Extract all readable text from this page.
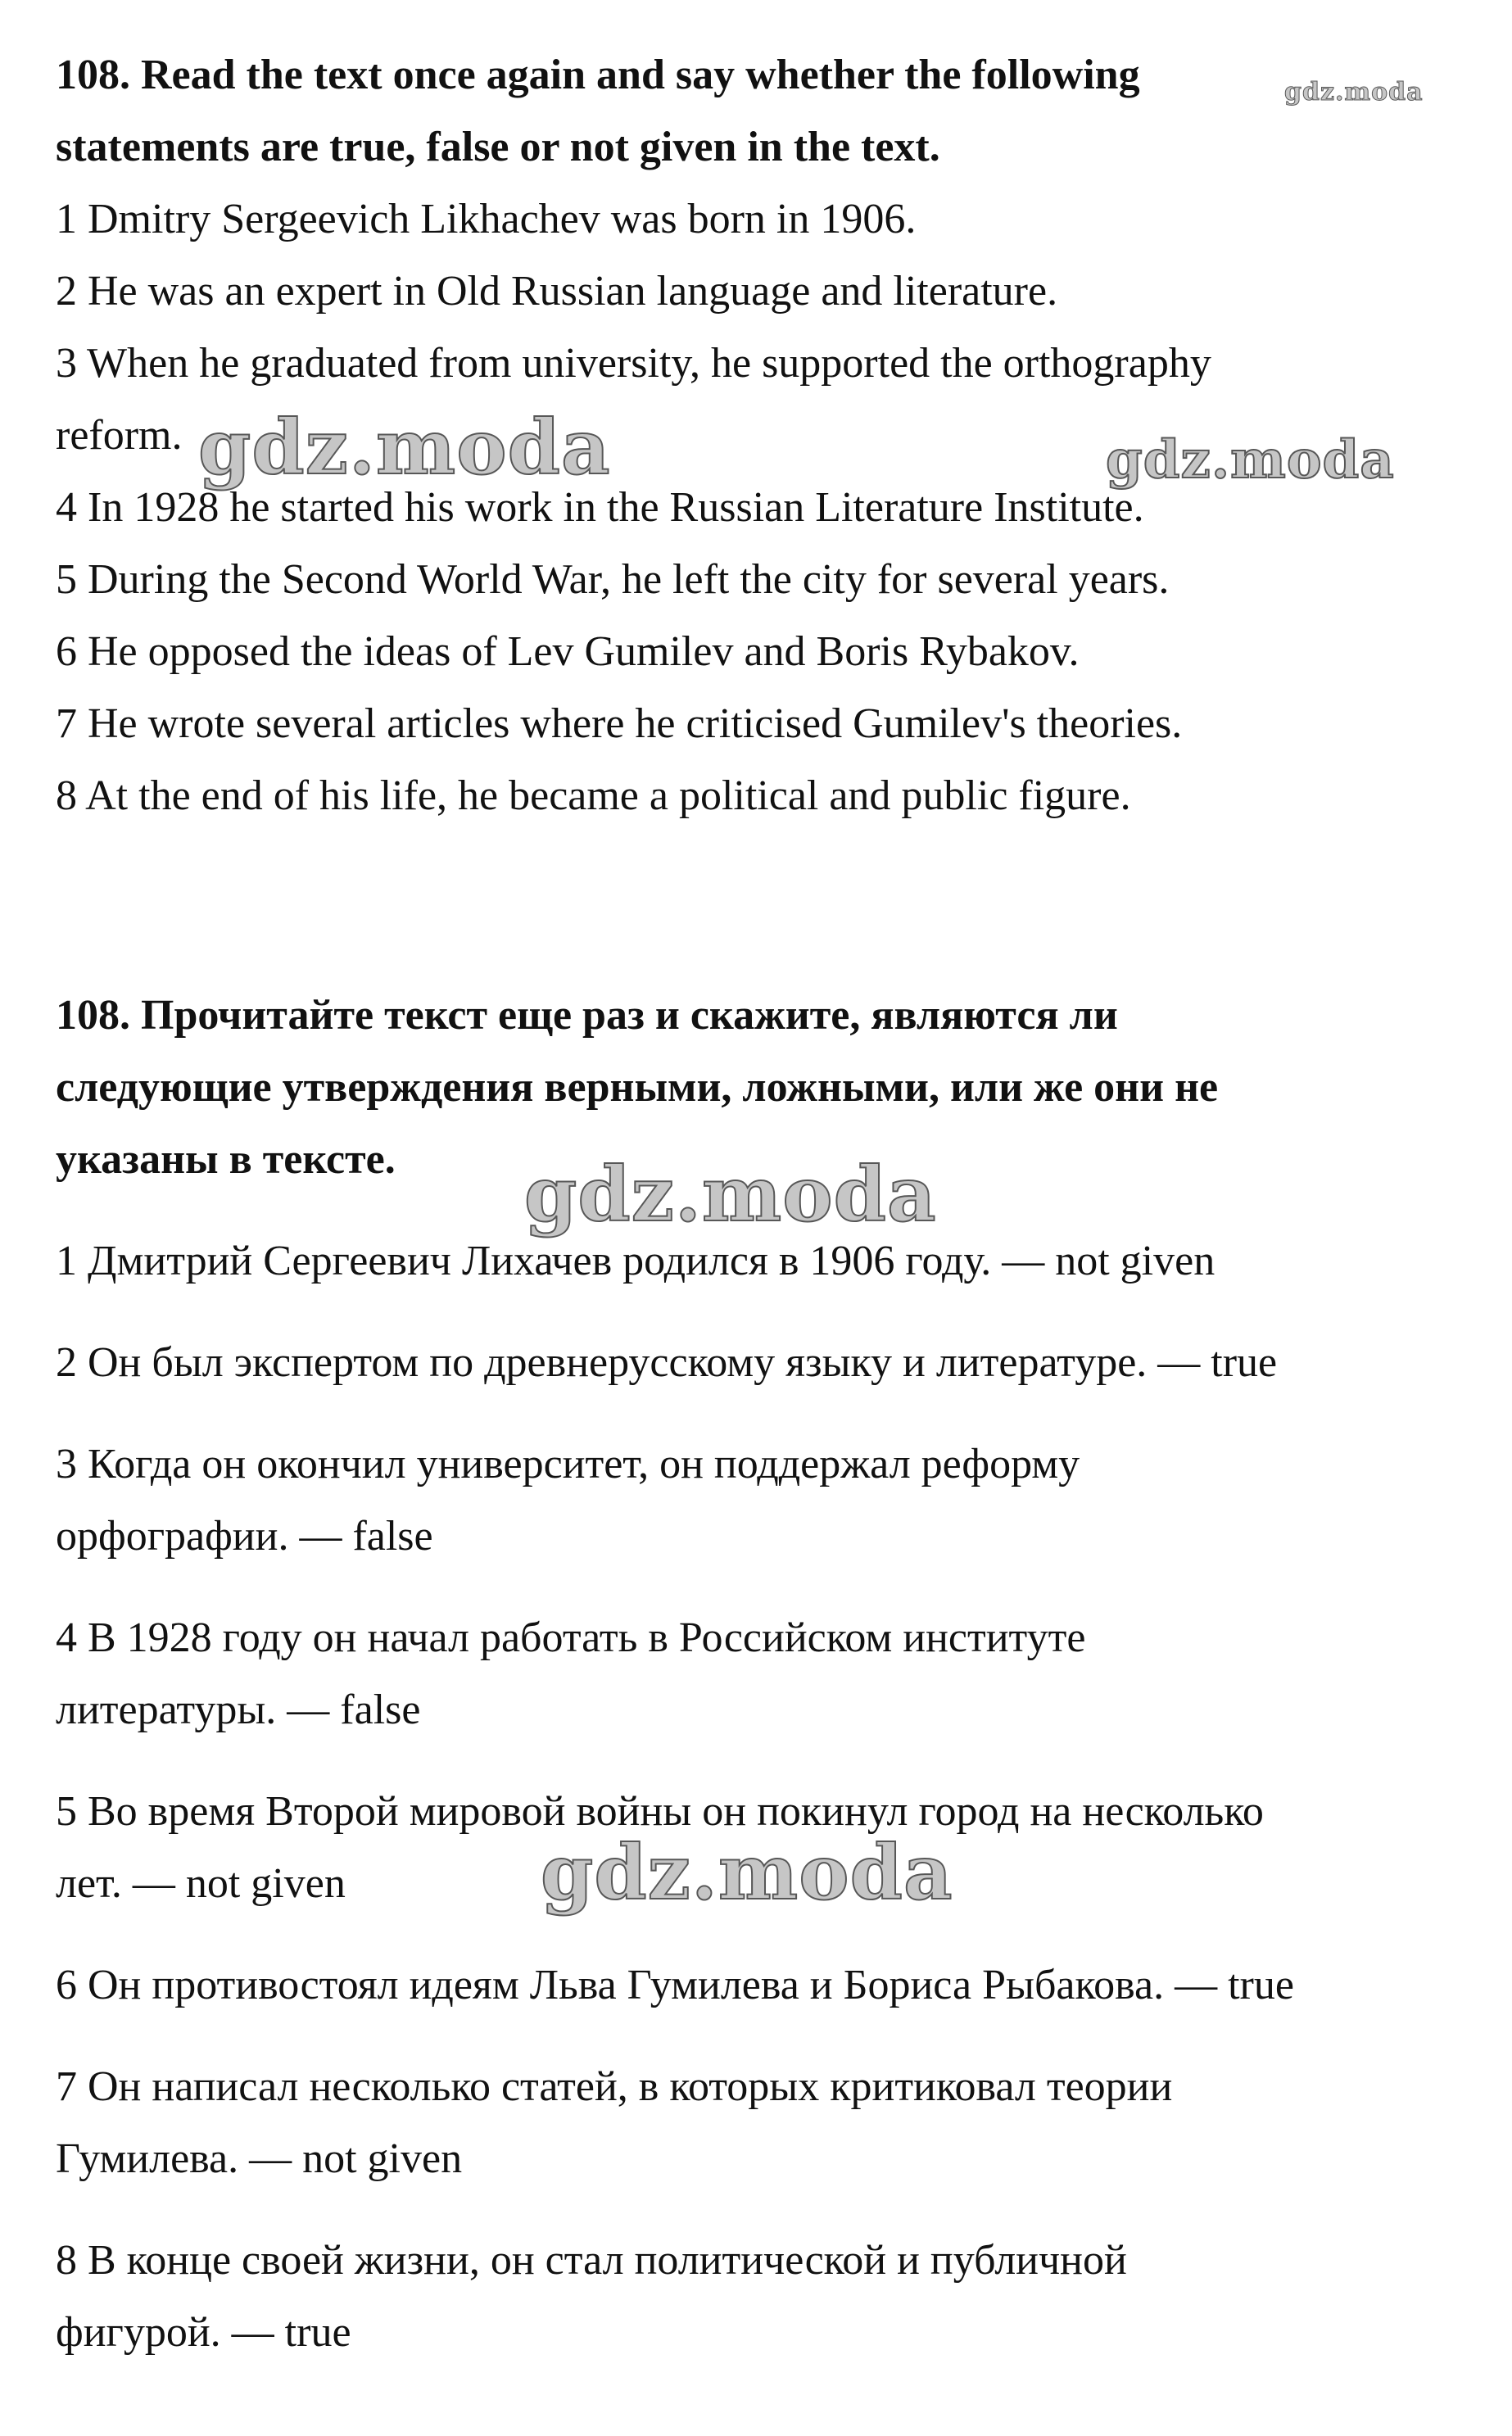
108. Read the text once again and say whether the following

statements are true, false or not given in the text.

1 Dmitry Sergeevich Likhachev was born in 1906.

2 He was an expert in Old Russian language and literature.

3 When he graduated from university, he supported the orthography

reform.

4 In 1928 he started his work in the Russian Literature Institute.

5 During the Second World War, he left the city for several years.

6 He opposed the ideas of Lev Gumilev and Boris Rybakov.

7 He wrote several articles where he criticised Gumilev's theories.

8 At the end of his life, he became a political and public figure.

108. Прочитайте текст еще раз и скажите, являются ли

следующие утверждения верными, ложными, или же они не

указаны в тексте.

1 Дмитрий Сергеевич Лихачев родился в 1906 году. — not given

2 Он был экспертом по древнерусскому языку и литературе. — true

3 Когда он окончил университет, он поддержал реформу

орфографии. — false

4 В 1928 году он начал работать в Российском институте

литературы. — false

5 Во время Второй мировой войны он покинул город на несколько

лет. — not given

6 Он противостоял идеям Льва Гумилева и Бориса Рыбакова. — true

7 Он написал несколько статей, в которых критиковал теории

Гумилева. — not given

8 В конце своей жизни, он стал политической и публичной

фигурой. — true

gdz.moda
gdz.moda	gdz.moda
gdz.moda
gdz.moda
